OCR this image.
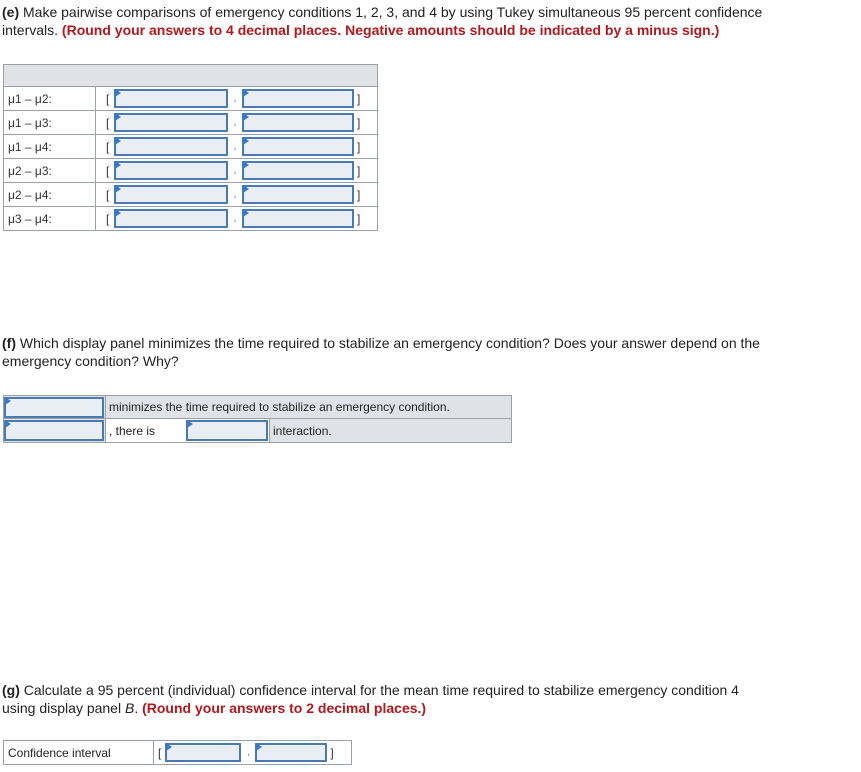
(e) Make pairwise comparisons of emergency conditions 1, 2, 3, and 4 by using Tukey simultaneous 95 percent confidence
intervals. (Round your answers to 4 decimal places. Negative amounts should be indicated by a minus sign.)

μ1 – μ2:	[ , ]

μ1 – μ3:	[ , ]

μ1 – μ4:	[ , ]

μ2 – μ3:	[ , ]

μ2 – μ4:	[ , ]

μ3 – μ4:	[ , ]
(f) Which display panel minimizes the time required to stabilize an emergency condition? Does your answer depend on the
emergency condition? Why?
	minimizes the time required to stabilize an emergency condition.	

	, there is	interaction.
(g) Calculate a 95 percent (individual) confidence interval for the mean time required to stabilize emergency condition 4
using display panel B. (Round your answers to 2 decimal places.)
Confidence interval	[	,	]
